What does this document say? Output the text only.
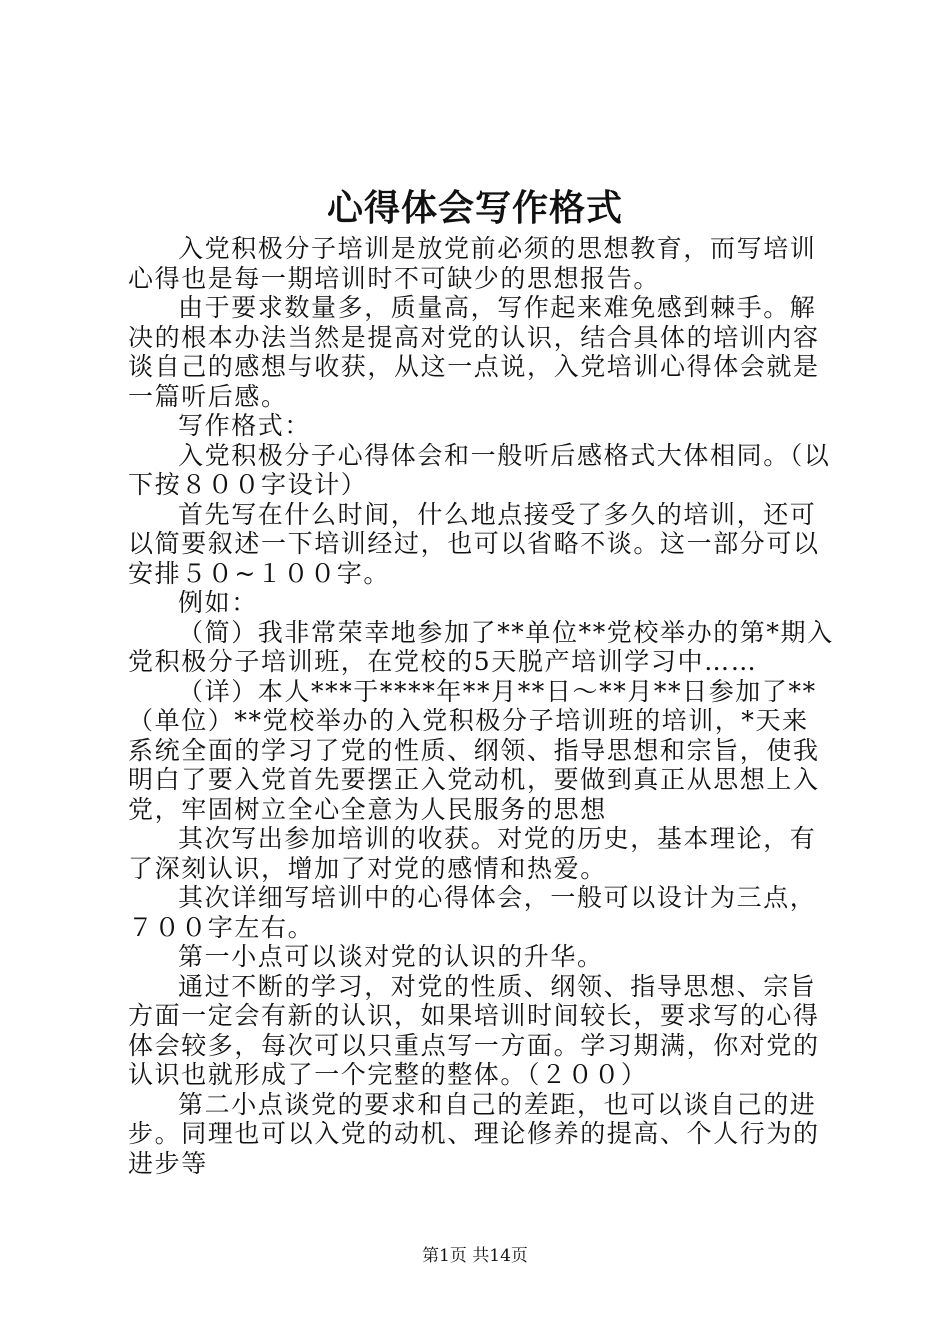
心得体会写作格式

入党积极分子培训是放党前必须的思想教育，而写培训心得也是每一期培训时不可缺少的思想报告。

由于要求数量多，质量高，写作起来难免感到棘手。解决的根本办法当然是提高对党的认识，结合具体的培训内容谈自己的感想与收获，从这一点说，入党培训心得体会就是一篇听后感。

写作格式：

入党积极分子心得体会和一般听后感格式大体相同。（以下按８００字设计）

首先写在什么时间，什么地点接受了多久的培训，还可以简要叙述一下培训经过，也可以省略不谈。这一部分可以安排５０~１００字。

例如：

（简）我非常荣幸地参加了**单位**党校举办的第*期入党积极分子培训班，在党校的5天脱产培训学习中……

（详）本人***于****年**月**日～**月**日参加了**（单位）**党校举办的入党积极分子培训班的培训，*天来系统全面的学习了党的性质、纲领、指导思想和宗旨，使我明白了要入党首先要摆正入党动机，要做到真正从思想上入党，牢固树立全心全意为人民服务的思想

其次写出参加培训的收获。对党的历史，基本理论，有了深刻认识，增加了对党的感情和热爱。

其次详细写培训中的心得体会，一般可以设计为三点，７００字左右。

第一小点可以谈对党的认识的升华。

通过不断的学习，对党的性质、纲领、指导思想、宗旨方面一定会有新的认识，如果培训时间较长，要求写的心得体会较多，每次可以只重点写一方面。学习期满，你对党的认识也就形成了一个完整的整体。（２００）

第二小点谈党的要求和自己的差距，也可以谈自己的进步。同理也可以入党的动机、理论修养的提高、个人行为的进步等

第1页 共14页
